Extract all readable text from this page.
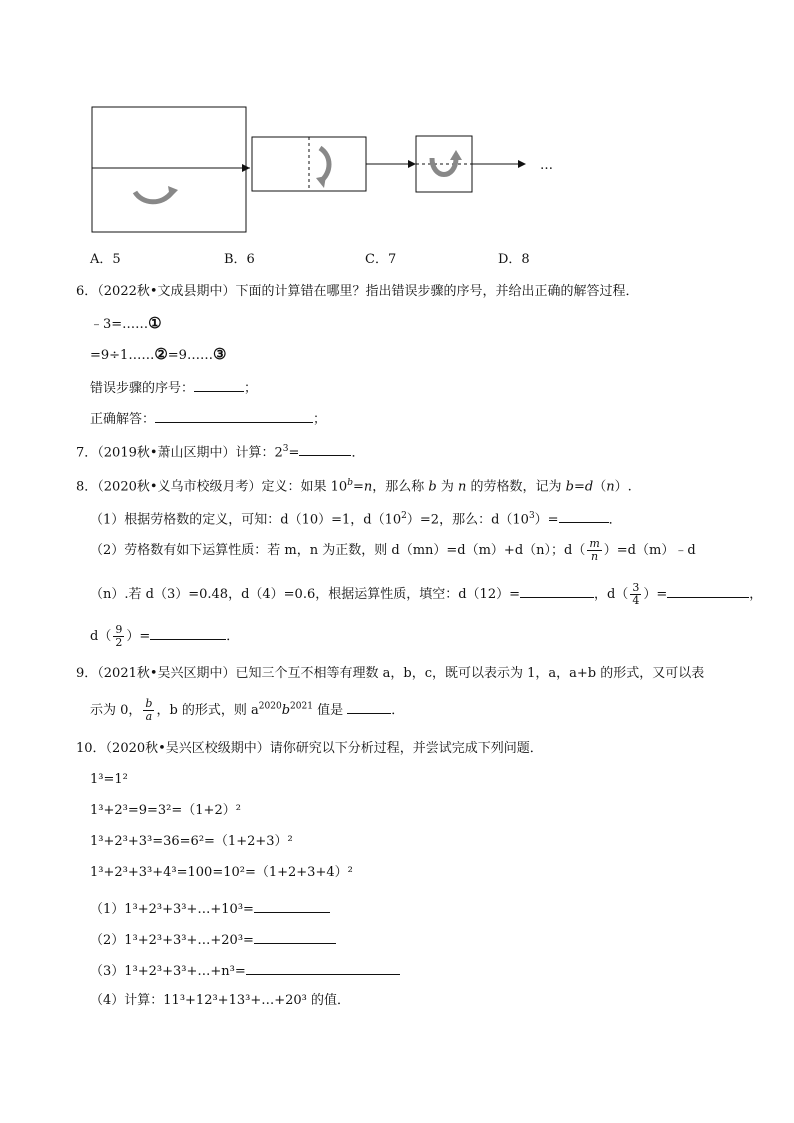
…
A．5	B．6	C．7	D．8
6．（2022秋•文成县期中）下面的计算错在哪里？指出错误步骤的序号，并给出正确的解答过程．
﹣3=……①
=9÷1……②=9……③
错误步骤的序号：	；
正确解答：	；
7．（2019秋•萧山区期中）计算：$2^3=$	．
8．（2020秋•义乌市校级月考）定义：如果 $10^b=n$，那么称 b 为 n 的劳格数，记为 b=d（n）.
（1）根据劳格数的定义，可知：d（10）=1，$d(10^2)=2$，那么：$d(10^3)=$	．
（2）劳格数有如下运算性质：若 m，n 为正数，则 d（mn）=d（m）+d（n）；$d( \frac{m}{n}$ ）=d（m）﹣d
（n）.若 d（3）=0.48，d（4）=0.6，根据运算性质，填空：d（12）=	，$d( \frac{3}{4}$ ）=	，
$d( \frac{9}{2}$ ）=	．
9．（2021秋•吴兴区期中）已知三个互不相等有理数 a，b，c，既可以表示为 1，a，a+b 的形式，又可以表
示为 0， $\frac{b}{a}$ ，b 的形式，则 $a^{2020}b^{2021}$ 值是	．
10．（2020秋•吴兴区校级期中）请你研究以下分析过程，并尝试完成下列问题．
1³=1²
1³+2³=9=3²=（1+2）²
1³+2³+3³=36=6²=（1+2+3）²
1³+2³+3³+4³=100=10²=（1+2+3+4）²
（1）1³+2³+3³+…+10³=
（2）1³+2³+3³+…+20³=
（3）1³+2³+3³+…+n³=
（4）计算：11³+12³+13³+…+20³ 的值．
